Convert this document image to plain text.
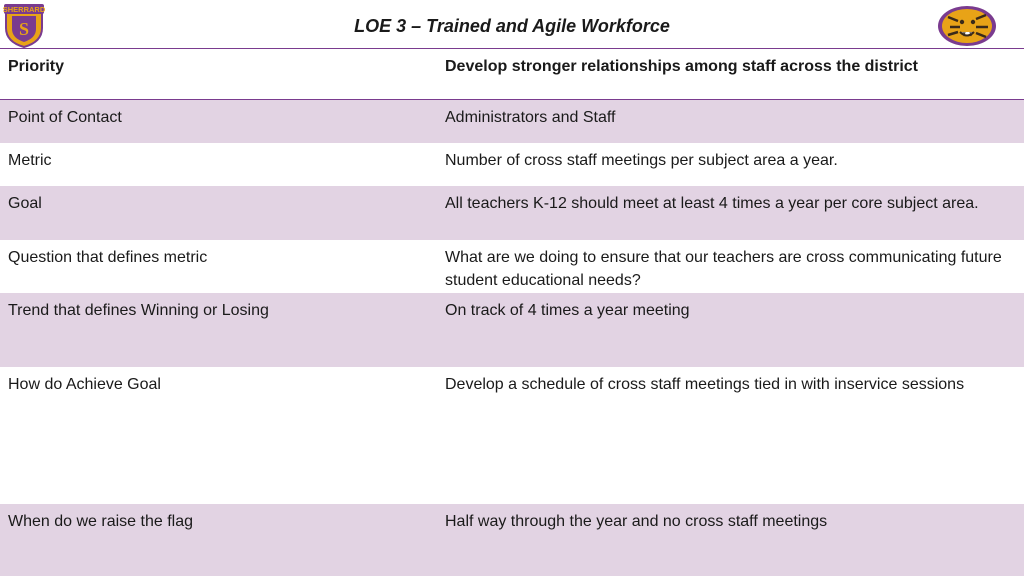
SHERRARD
S	LOE 3 – Trained and Agile Workforce
Priority	Develop stronger relationships among staff across the district
Point of Contact	Administrators and Staff
Metric	Number of cross staff meetings per subject area a year.
Goal	All teachers K-12 should meet at least 4 times a year per core subject area.
Question that defines metric	What are we doing to ensure that our teachers are cross communicating future student educational needs?
Trend that defines Winning or Losing	On track of 4 times a year meeting
How do Achieve Goal	Develop a schedule of cross staff meetings tied in with inservice sessions
When do we raise the flag	Half way through the year and no cross staff meetings
